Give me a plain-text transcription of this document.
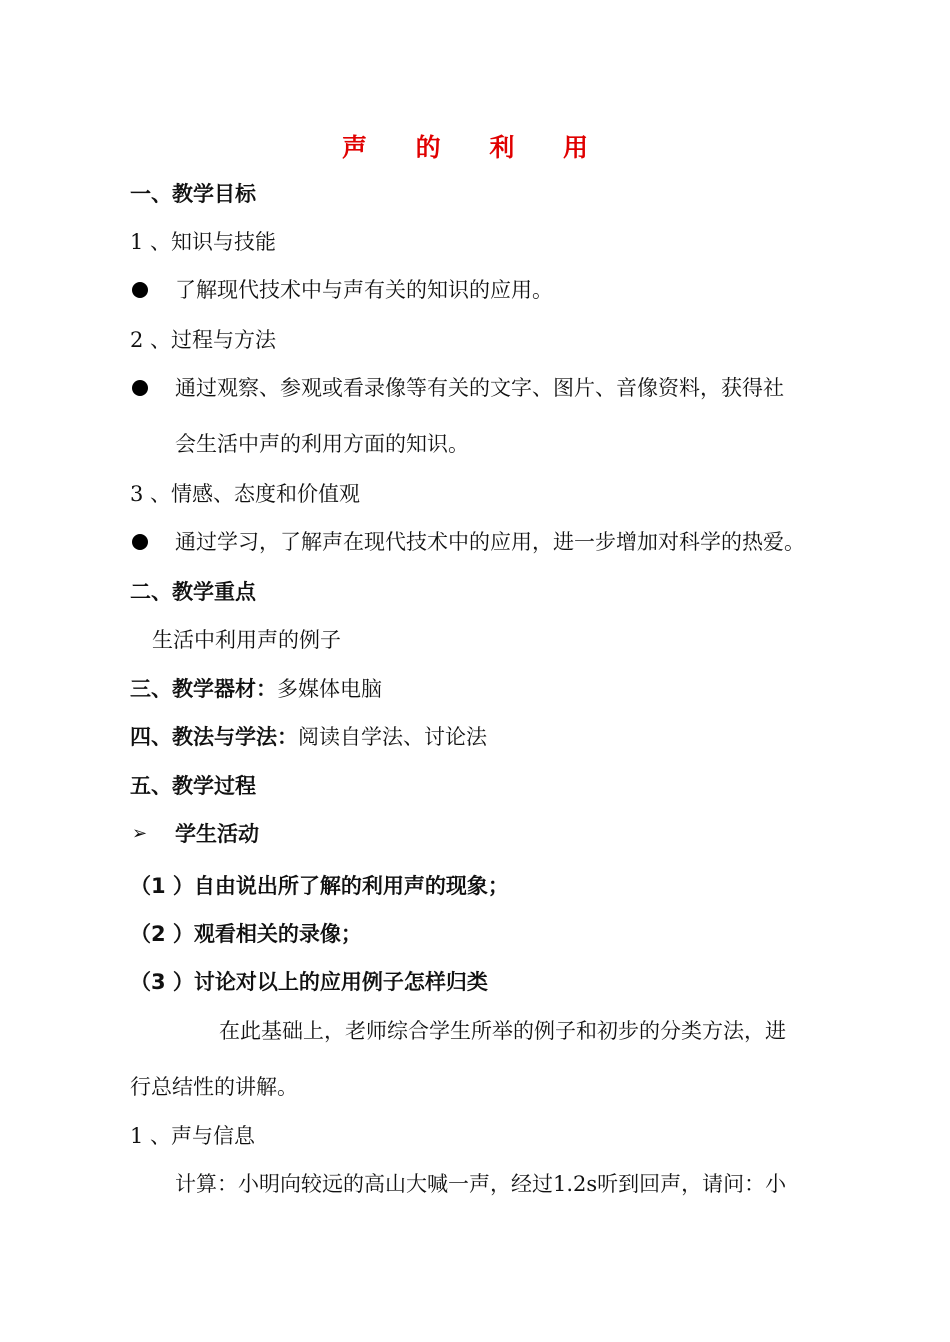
声 的 利 用
一、教学目标
1 、知识与技能
了解现代技术中与声有关的知识的应用。
2 、过程与方法
通过观察、参观或看录像等有关的文字、图片、音像资料，获得社
会生活中声的利用方面的知识。
3 、情感、态度和价值观
通过学习，了解声在现代技术中的应用，进一步增加对科学的热爱。
二、教学重点
生活中利用声的例子
三、教学器材：多媒体电脑
四、教法与学法：阅读自学法、讨论法
五、教学过程
➢ 学生活动
（1 ）自由说出所了解的利用声的现象；
（2 ）观看相关的录像；
（3 ）讨论对以上的应用例子怎样归类
在此基础上，老师综合学生所举的例子和初步的分类方法，进
行总结性的讲解。
1 、声与信息
计算：小明向较远的高山大喊一声，经过1.2s听到回声，请问：小
